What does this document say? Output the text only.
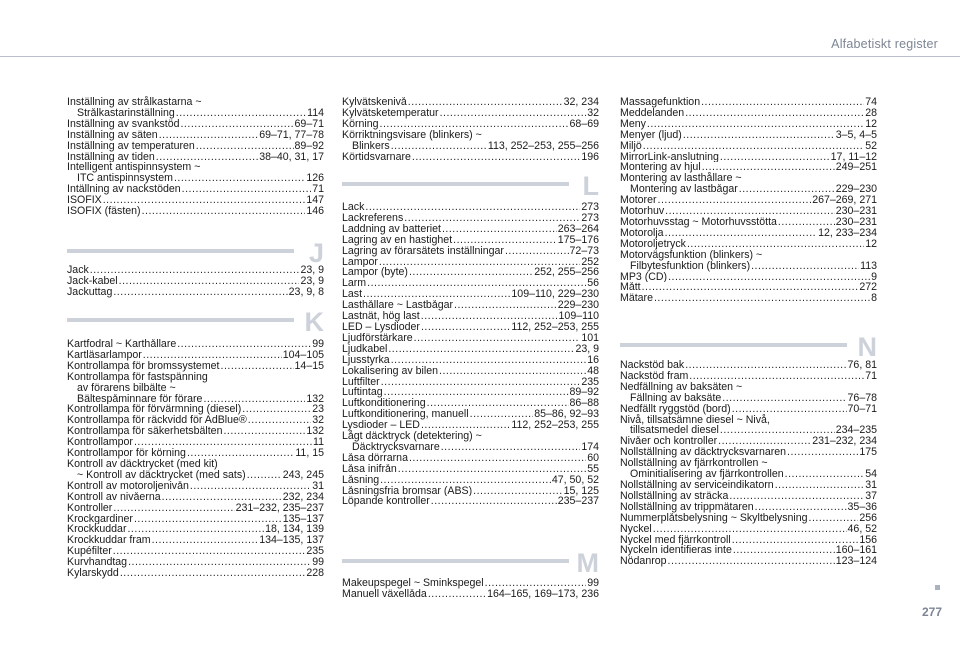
Alfabetiskt register
277
Inställning av strålkastarna ~
Strålkastarinställning .....	114
Inställning av svankstöd .....	69–71
Inställning av säten .....	69–71, 77–78
Inställning av temperaturen .....	89–92
Inställning av tiden .....	38–40, 31, 17
Intelligent antispinnsystem ~
ITC antispinnsystem .....	126
Intällning av nackstöden .....	71
ISOFIX .....	147
ISOFIX (fästen) .....	146
J
Jack .....	23, 9
Jack-kabel .....	23, 9
Jackuttag .....	23, 9, 8
K
Kartfodral ~ Karthållare .....	99
Kartläsarlampor .....	104–105
Kontrollampa för bromssystemet .....	14–15
Kontrollampa för fastspänning
av förarens bilbälte ~
Bältespåminnare för förare .....	132
Kontrollampa för förvärmning (diesel) .....	23
Kontrollampa för räckvidd för AdBlue® .....	32
Kontrollampa för säkerhetsbälten .....	132
Kontrollampor .....	11
Kontrollampor för körning .....	11, 15
Kontroll av däcktrycket (med kit)
~ Kontroll av däcktrycket (med sats) .....	243, 245
Kontroll av motoroljenivån .....	31
Kontroll av nivåerna .....	232, 234
Kontroller .....	231–232, 235–237
Krockgardiner .....	135–137
Krockkuddar .....	18, 134, 139
Krockkuddar fram .....	134–135, 137
Kupéfilter .....	235
Kurvhandtag .....	99
Kylarskydd .....	228
Kylvätskenivå .....	32, 234
Kylvätsketemperatur .....	32
Körning .....	68–69
Körriktningsvisare (blinkers) ~
Blinkers .....	113, 252–253, 255–256
Körtidsvarnare .....	196
L
Lack .....	273
Lackreferens .....	273
Laddning av batteriet .....	263–264
Lagring av en hastighet .....	175–176
Lagring av förarsätets inställningar .....	72–73
Lampor .....	252
Lampor (byte) .....	252, 255–256
Larm .....	56
Last .....	109–110, 229–230
Lasthållare ~ Lastbågar .....	229–230
Lastnät, hög last .....	109–110
LED – Lysdioder .....	112, 252–253, 255
Ljudförstärkare .....	101
Ljudkabel .....	23, 9
Ljusstyrka .....	16
Lokalisering av bilen .....	48
Luftfilter .....	235
Luftintag .....	89–92
Luftkonditionering .....	86–88
Luftkonditionering, manuell .....	85–86, 92–93
Lysdioder – LED .....	112, 252–253, 255
Lågt däcktryck (detektering) ~
Däcktrycksvarnare .....	174
Låsa dörrarna .....	60
Låsa inifrån .....	55
Låsning .....	47, 50, 52
Låsningsfria bromsar (ABS) .....	15, 125
Löpande kontroller .....	235–237
M
Makeupspegel ~ Sminkspegel .....	99
Manuell växellåda .....	164–165, 169–173, 236
Massagefunktion .....	74
Meddelanden .....	28
Meny .....	12
Menyer (ljud) .....	3–5, 4–5
Miljö .....	52
MirrorLink-anslutning .....	17, 11–12
Montering av hjul .....	249–251
Montering av lasthållare ~
Montering av lastbågar .....	229–230
Motorer .....	267–269, 271
Motorhuv .....	230–231
Motorhuvsstag ~ Motorhuvsstötta .....	230–231
Motorolja .....	12, 233–234
Motoroljetryck .....	12
Motorvägsfunktion (blinkers) ~
Filbytesfunktion (blinkers) .....	113
MP3 (CD) .....	9
Mått .....	272
Mätare .....	8
N
Nackstöd bak .....	76, 81
Nackstöd fram .....	71
Nedfällning av baksäten ~
Fällning av baksäte .....	76–78
Nedfällt ryggstöd (bord) .....	70–71
Nivå, tillsatsämne diesel ~ Nivå,
tillsatsmedel diesel .....	234–235
Nivåer och kontroller .....	231–232, 234
Nollställning av däcktrycksvarnaren .....	175
Nollställning av fjärrkontrollen ~
Ominitialisering av fjärrkontrollen .....	54
Nollställning av serviceindikatorn .....	31
Nollställning av sträcka .....	37
Nollställning av trippmätaren .....	35–36
Nummerplåtsbelysning ~ Skyltbelysning .....	256
Nyckel .....	46, 52
Nyckel med fjärrkontroll .....	156
Nyckeln identifieras inte .....	160–161
Nödanrop .....	123–124
